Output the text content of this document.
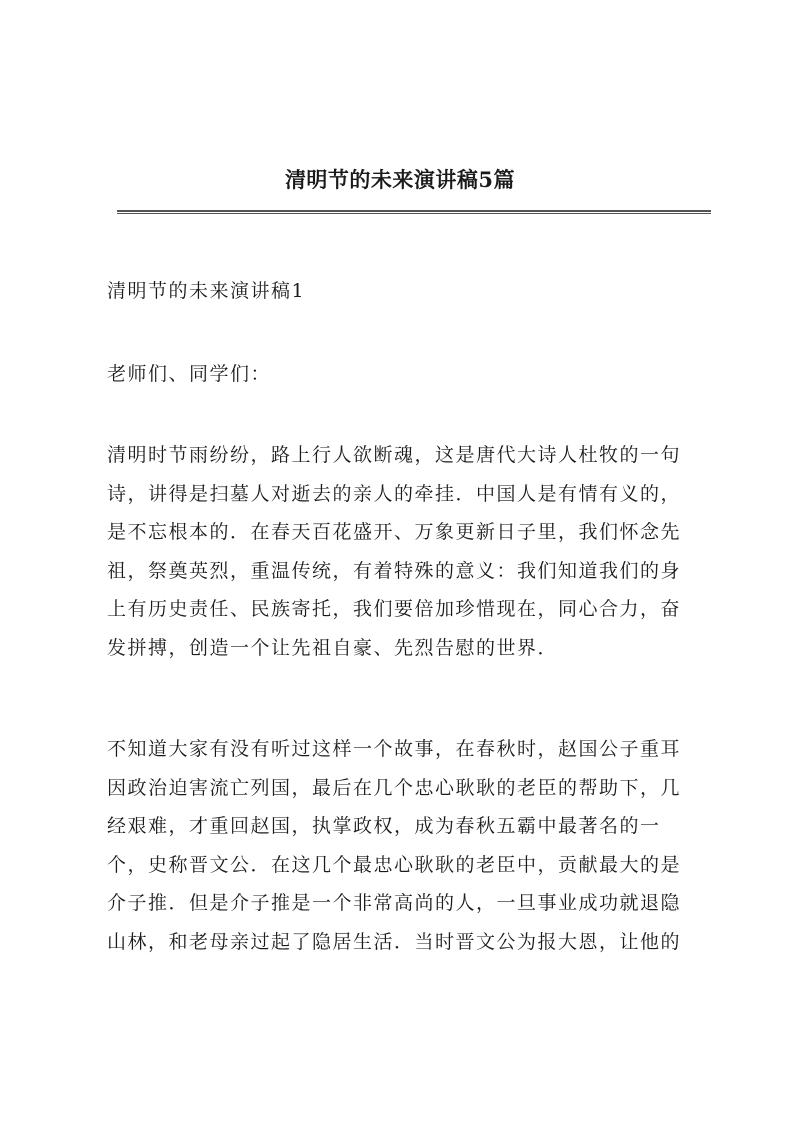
清明节的未来演讲稿5篇

清明节的未来演讲稿1

老师们、同学们：

清明时节雨纷纷，路上行人欲断魂，这是唐代大诗人杜牧的一句
诗，讲得是扫墓人对逝去的亲人的牵挂．中国人是有情有义的，
是不忘根本的．在春天百花盛开、万象更新日子里，我们怀念先
祖，祭奠英烈，重温传统，有着特殊的意义：我们知道我们的身
上有历史责任、民族寄托，我们要倍加珍惜现在，同心合力，奋
发拼搏，创造一个让先祖自豪、先烈告慰的世界．

不知道大家有没有听过这样一个故事，在春秋时，赵国公子重耳
因政治迫害流亡列国，最后在几个忠心耿耿的老臣的帮助下，几
经艰难，才重回赵国，执掌政权，成为春秋五霸中最著名的一
个，史称晋文公．在这几个最忠心耿耿的老臣中，贡献最大的是
介子推．但是介子推是一个非常高尚的人，一旦事业成功就退隐
山林，和老母亲过起了隐居生活．当时晋文公为报大恩，让他的
